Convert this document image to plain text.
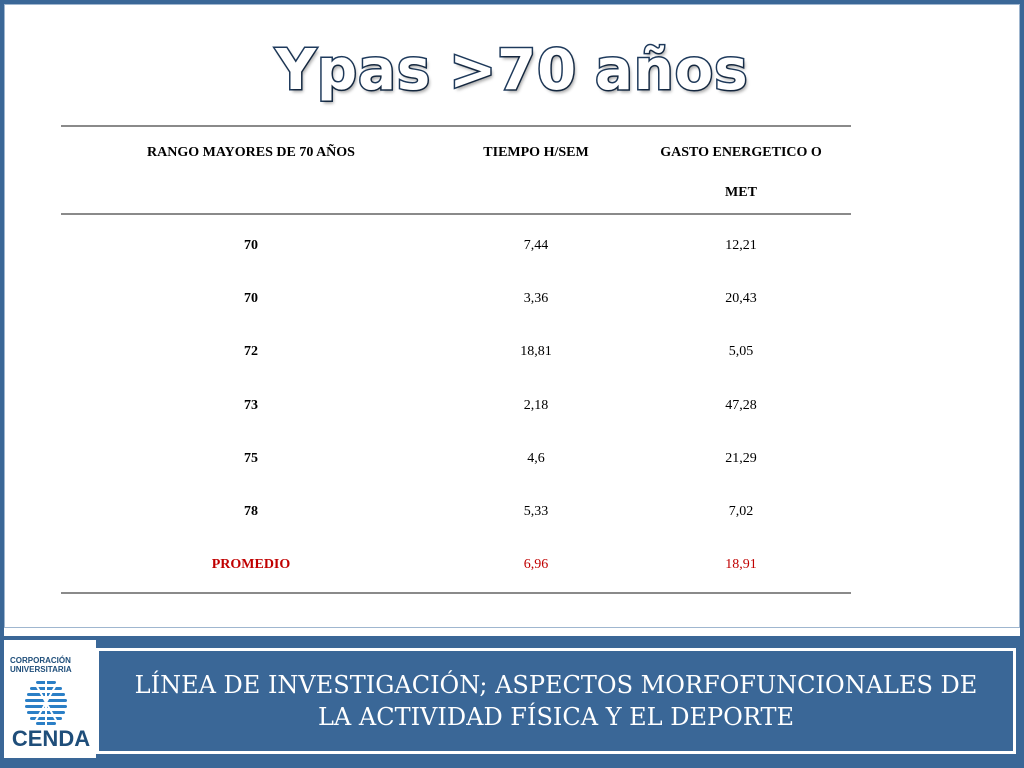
Ypas >70 años
RANGO MAYORES DE 70 AÑOS	TIEMPO H/SEM	GASTO ENERGETICO O
MET

70	7,44	12,21
70	3,36	20,43
72	18,81	5,05
73	2,18	47,28
75	4,6	21,29
78	5,33	7,02
PROMEDIO	6,96	18,91
CORPORACIÓN
UNIVERSITARIA
CENDA
LÍNEA DE INVESTIGACIÓN; ASPECTOS MORFOFUNCIONALES DE
LA ACTIVIDAD FÍSICA Y EL DEPORTE
